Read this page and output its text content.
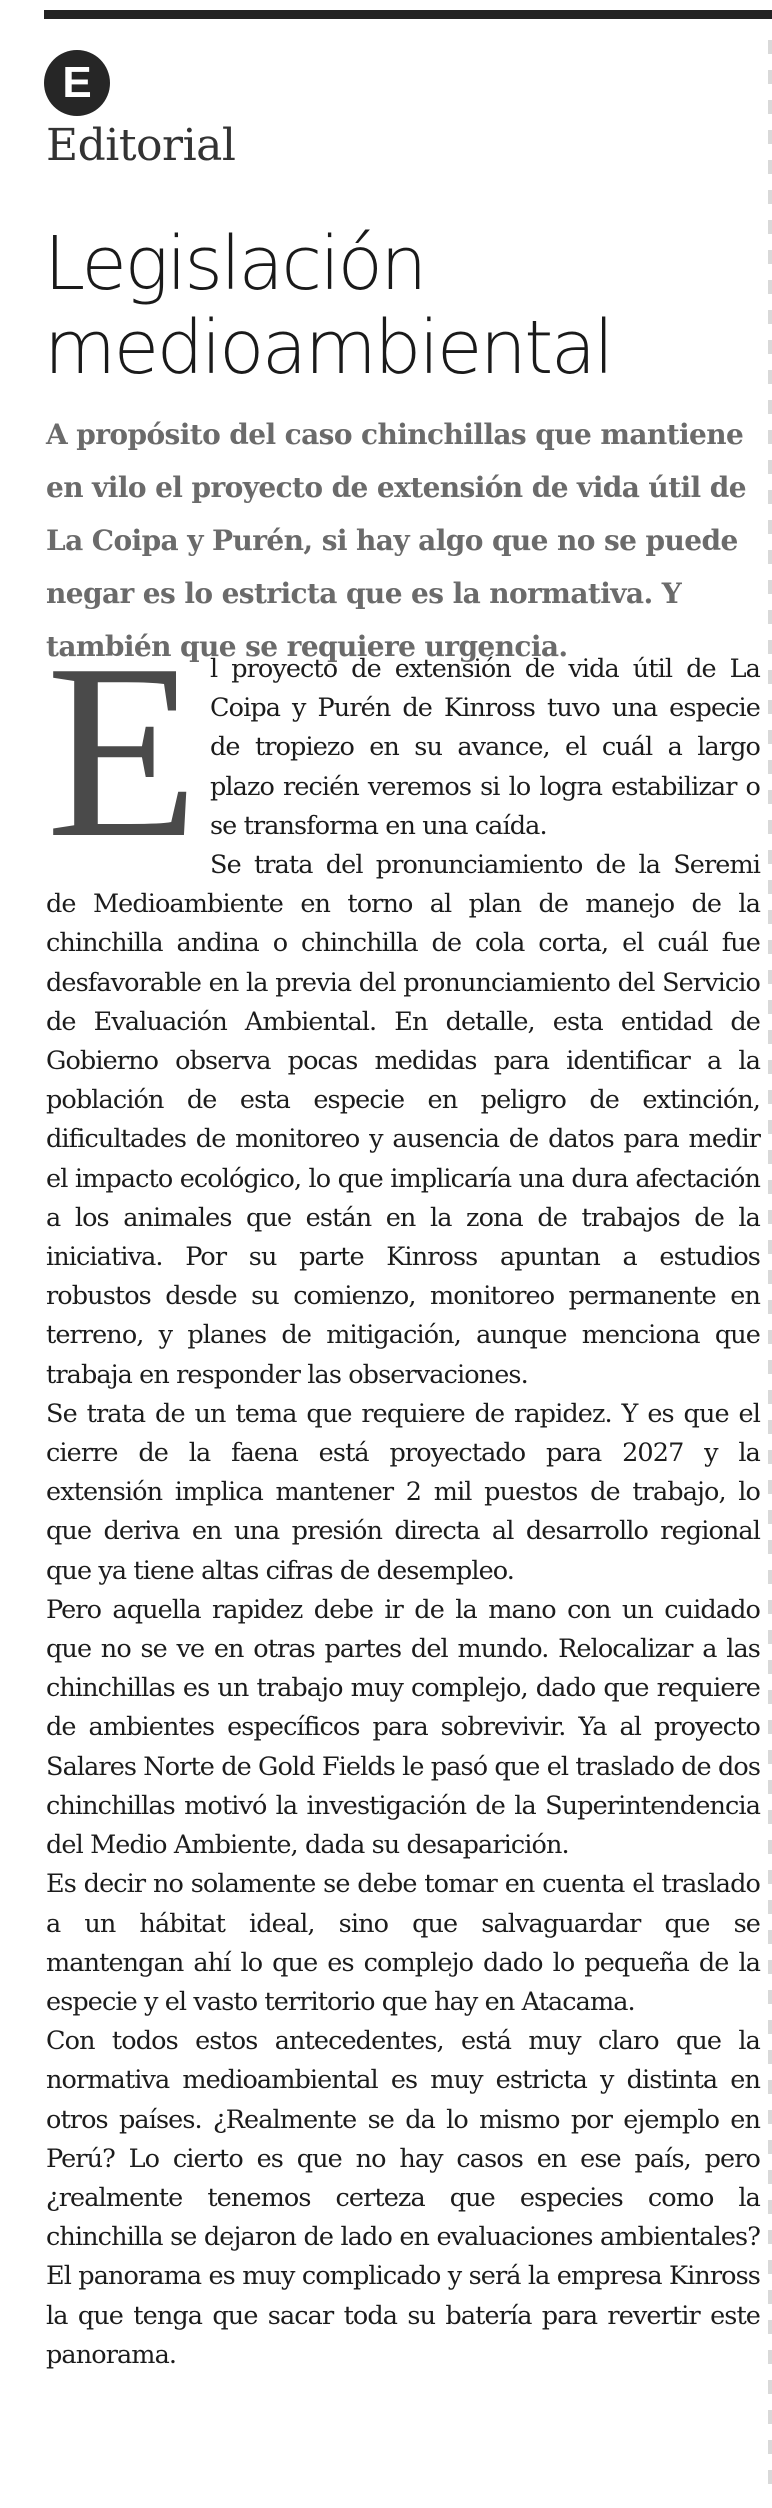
E
Editorial
Legislación medioambiental

A propósito del caso chinchillas que mantiene en vilo el proyecto de extensión de vida útil de La Coipa y Purén, si hay algo que no se puede negar es lo estricta que es la normativa. Y también que se requiere urgencia.

El proyecto de extensión de vida útil de La Coipa y Purén de Kinross tuvo una especie de tropiezo en su avance, el cuál a largo plazo recién veremos si lo logra estabilizar o se transforma en una caída.

Se trata del pronunciamiento de la Seremi de Medioambiente en torno al plan de manejo de la chinchilla andina o chinchilla de cola corta, el cuál fue desfavorable en la previa del pronunciamiento del Servicio de Evaluación Ambiental. En detalle, esta entidad de Gobierno observa pocas medidas para identificar a la población de esta especie en peligro de extinción, dificultades de monitoreo y ausencia de datos para medir el impacto ecológico, lo que implicaría una dura afectación a los animales que están en la zona de trabajos de la iniciativa. Por su parte Kinross apuntan a estudios robustos desde su comienzo, monitoreo permanente en terreno, y planes de mitigación, aunque menciona que trabaja en responder las observaciones.

Se trata de un tema que requiere de rapidez. Y es que el cierre de la faena está proyectado para 2027 y la extensión implica mantener 2 mil puestos de trabajo, lo que deriva en una presión directa al desarrollo regional que ya tiene altas cifras de desempleo.

Pero aquella rapidez debe ir de la mano con un cuidado que no se ve en otras partes del mundo. Relocalizar a las chinchillas es un trabajo muy complejo, dado que requiere de ambientes específicos para sobrevivir. Ya al proyecto Salares Norte de Gold Fields le pasó que el traslado de dos chinchillas motivó la investigación de la Superintendencia del Medio Ambiente, dada su desaparición.

Es decir no solamente se debe tomar en cuenta el traslado a un hábitat ideal, sino que salvaguardar que se mantengan ahí lo que es complejo dado lo pequeña de la especie y el vasto territorio que hay en Atacama.

Con todos estos antecedentes, está muy claro que la normativa medioambiental es muy estricta y distinta en otros países. ¿Realmente se da lo mismo por ejemplo en Perú? Lo cierto es que no hay casos en ese país, pero ¿realmente tenemos certeza que especies como la chinchilla se dejaron de lado en evaluaciones ambientales? El panorama es muy complicado y será la empresa Kinross la que tenga que sacar toda su batería para revertir este panorama.
